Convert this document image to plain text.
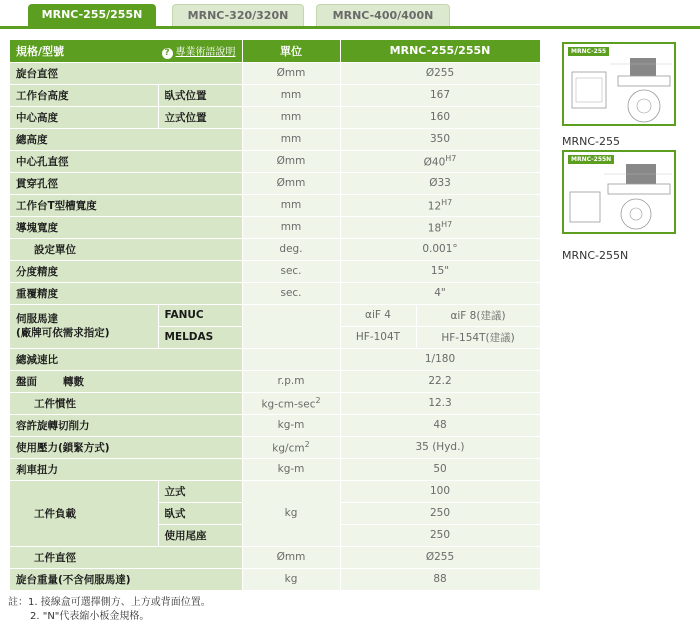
MRNC-255/255N	MRNC-320/320N	MRNC-400/400N
規格/型號 ? 專業術語說明		單位	MRNC-255/255N	
旋台直徑		Ømm	Ø255	
工作台高度	臥式位置	mm	167	
中心高度	立式位置	mm	160	
總高度		mm	350	
中心孔直徑		Ømm	$Ø40^{H7}$
貫穿孔徑		Ømm	Ø33	
工作台T型槽寬度		mm	$12^{H7}$
導塊寬度		mm	$18^{H7}$
設定單位		deg.	0.001°	
分度精度		sec.	15"	
重覆精度		sec.	4"	

伺服馬達
(廠牌可依需求指定)	FANUC		αiF 4	αiF 8(建議)
	MELDAS		HF-104T	HF-154T(建議)
總減速比			1/180	
盤面 轉數		r.p.m	22.2	
工件慣性		$kg-cm-\sec^2$	12.3	
容許旋轉切削力		kg-m	48	
使用壓力(鎖緊方式)		$kg/cm^2$	35 (Hyd.)	
剎車扭力		kg-m	50	
工件負載	立式	kg	100	
	臥式		250	
	使用尾座		250	
工件直徑		Ømm	Ø255	
旋台重量(不含伺服馬達)		kg	88	
註：1. 接線盒可選擇側方、上方或背面位置。
2. "N"代表縮小板金規格。
MRNC-255
MRNC-255
MRNC-255N
MRNC-255N
